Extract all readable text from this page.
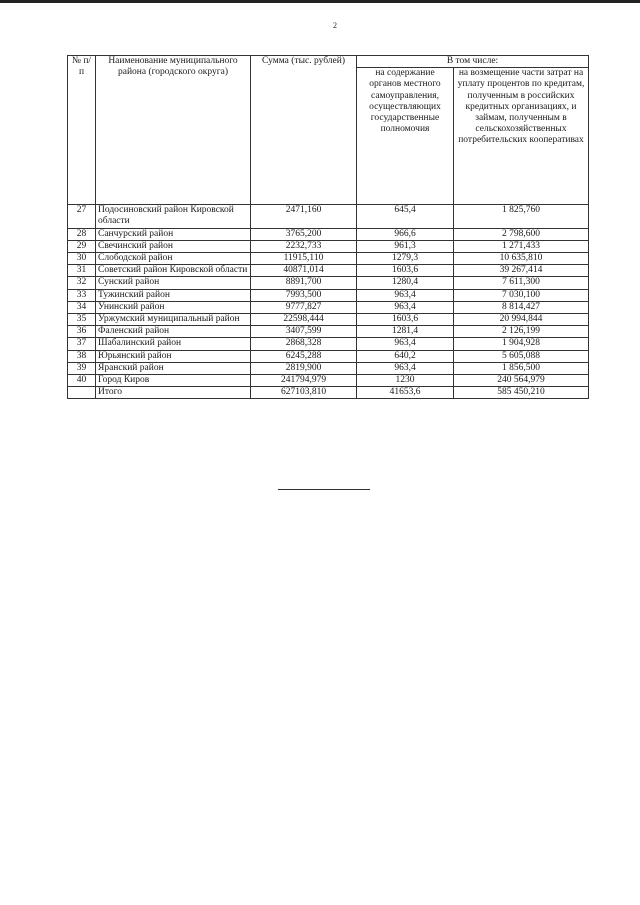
2
№ п/п	Наименование муниципального района (городского округа)	Сумма (тыс. рублей)	В том числе:	
			на содержание органов местного самоуправления, осуществляющих государственные полномочия	на возмещение части затрат на уплату процентов по кредитам, полученным в российских кредитных организациях, и займам, полученным в сельскохозяйственных потребительских кооперативах
27	Подосиновский район Кировской области	2471,160	645,4	1 825,760
28	Санчурский район	3765,200	966,6	2 798,600
29	Свечинский район	2232,733	961,3	1 271,433
30	Слободской район	11915,110	1279,3	10 635,810
31	Советский район Кировской области	40871,014	1603,6	39 267,414
32	Сунский район	8891,700	1280,4	7 611,300
33	Тужинский район	7993,500	963,4	7 030,100
34	Унинский район	9777,827	963,4	8 814,427
35	Уржумский муниципальный район	22598,444	1603,6	20 994,844
36	Фаленский район	3407,599	1281,4	2 126,199
37	Шабалинский район	2868,328	963,4	1 904,928
38	Юрьянский район	6245,288	640,2	5 605,088
39	Яранский район	2819,900	963,4	1 856,500
40	Город Киров	241794,979	1230	240 564,979
	Итого	627103,810	41653,6	585 450,210
